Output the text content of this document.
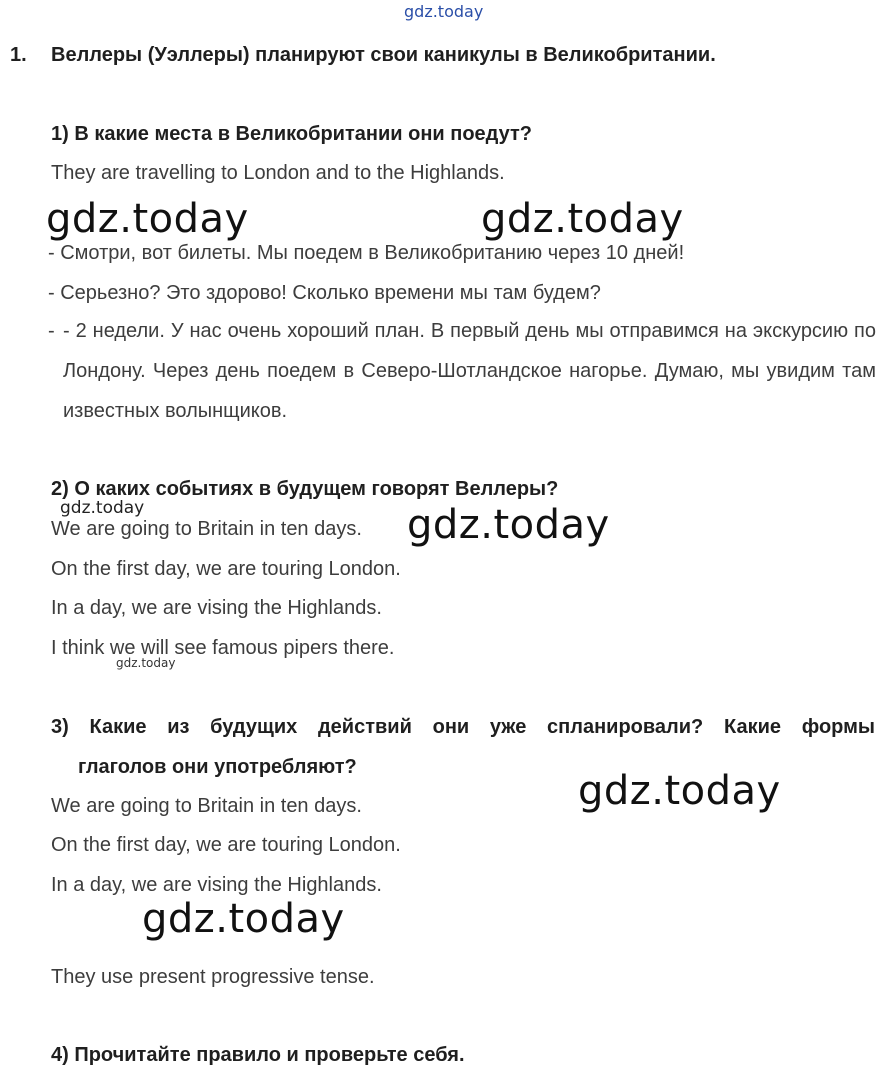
gdz.today
1. Веллеры (Уэллеры) планируют свои каникулы в Великобритании.
1) В какие места в Великобритании они поедут?
They are travelling to London and to the Highlands.
gdz.today	gdz.today
- Смотри, вот билеты. Мы поедем в Великобританию через 10 дней!
- Серьезно? Это здорово! Сколько времени мы там будем?
- - 2 недели. У нас очень хороший план. В первый день мы отправимся на экскурсию по Лондону. Через день поедем в Северо-Шотландское нагорье. Думаю, мы увидим там известных волынщиков.
2) О каких событиях в будущем говорят Веллеры?
gdz.today
We are going to Britain in ten days. gdz.today
On the first day, we are touring London.
In a day, we are vising the Highlands.
I think we will see famous pipers there.
gdz.today
3) Какие из будущих действий они уже спланировали? Какие формы
глаголов они употребляют?
gdz.today
We are going to Britain in ten days.
On the first day, we are touring London.
In a day, we are vising the Highlands.
gdz.today
They use present progressive tense.
4) Прочитайте правило и проверьте себя.
